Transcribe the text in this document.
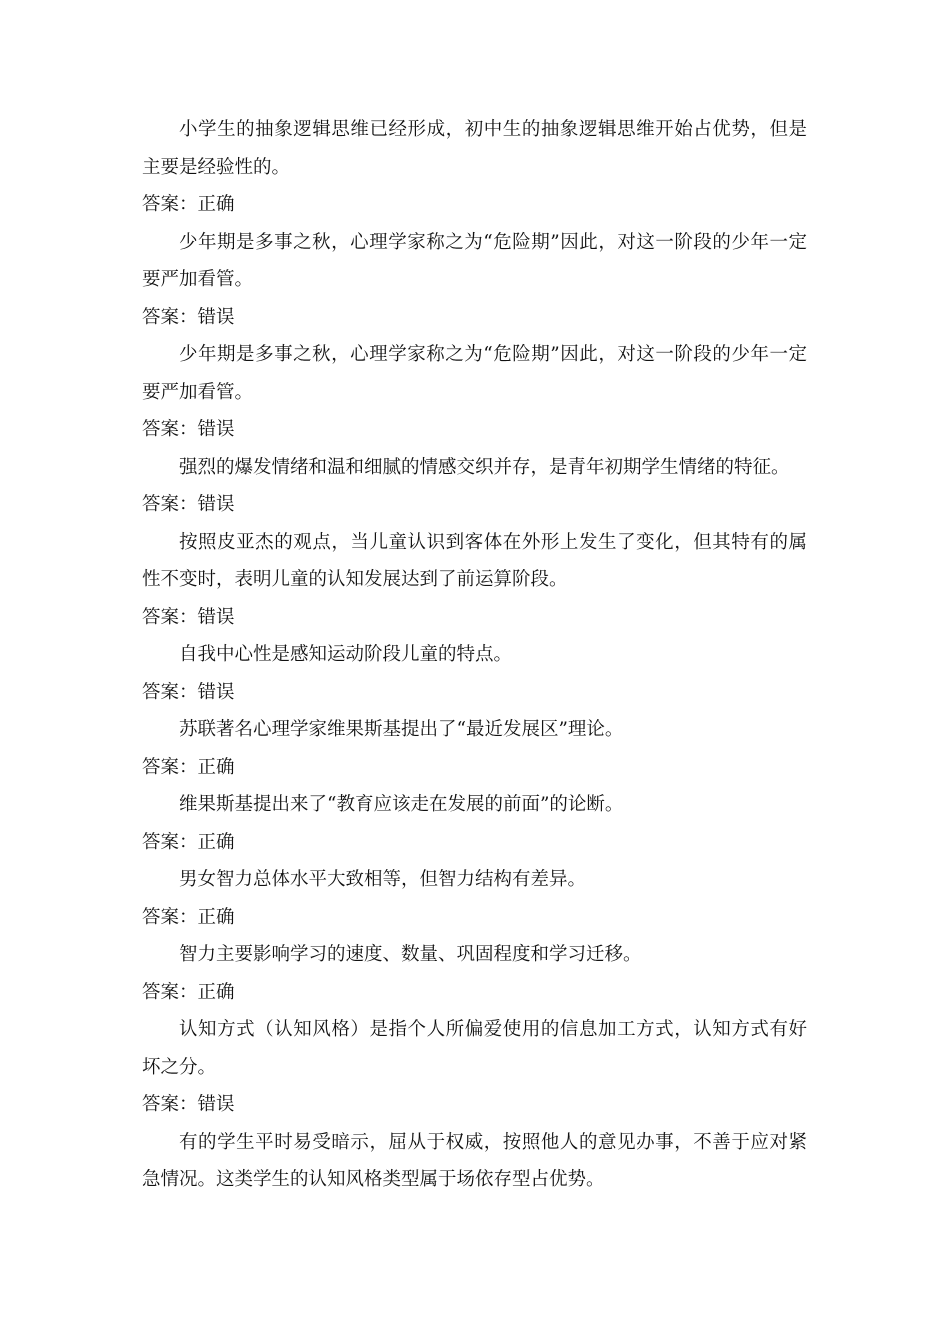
小学生的抽象逻辑思维已经形成，初中生的抽象逻辑思维开始占优势，但是主要是经验性的。

答案：正确

少年期是多事之秋，心理学家称之为“危险期”因此，对这一阶段的少年一定要严加看管。

答案：错误

少年期是多事之秋，心理学家称之为“危险期”因此，对这一阶段的少年一定要严加看管。

答案：错误

强烈的爆发情绪和温和细腻的情感交织并存，是青年初期学生情绪的特征。

答案：错误

按照皮亚杰的观点，当儿童认识到客体在外形上发生了变化，但其特有的属性不变时，表明儿童的认知发展达到了前运算阶段。

答案：错误

自我中心性是感知运动阶段儿童的特点。

答案：错误

苏联著名心理学家维果斯基提出了“最近发展区”理论。

答案：正确

维果斯基提出来了“教育应该走在发展的前面”的论断。

答案：正确

男女智力总体水平大致相等，但智力结构有差异。

答案：正确

智力主要影响学习的速度、数量、巩固程度和学习迁移。

答案：正确

认知方式（认知风格）是指个人所偏爱使用的信息加工方式，认知方式有好坏之分。

答案：错误

有的学生平时易受暗示，屈从于权威，按照他人的意见办事，不善于应对紧急情况。这类学生的认知风格类型属于场依存型占优势。
